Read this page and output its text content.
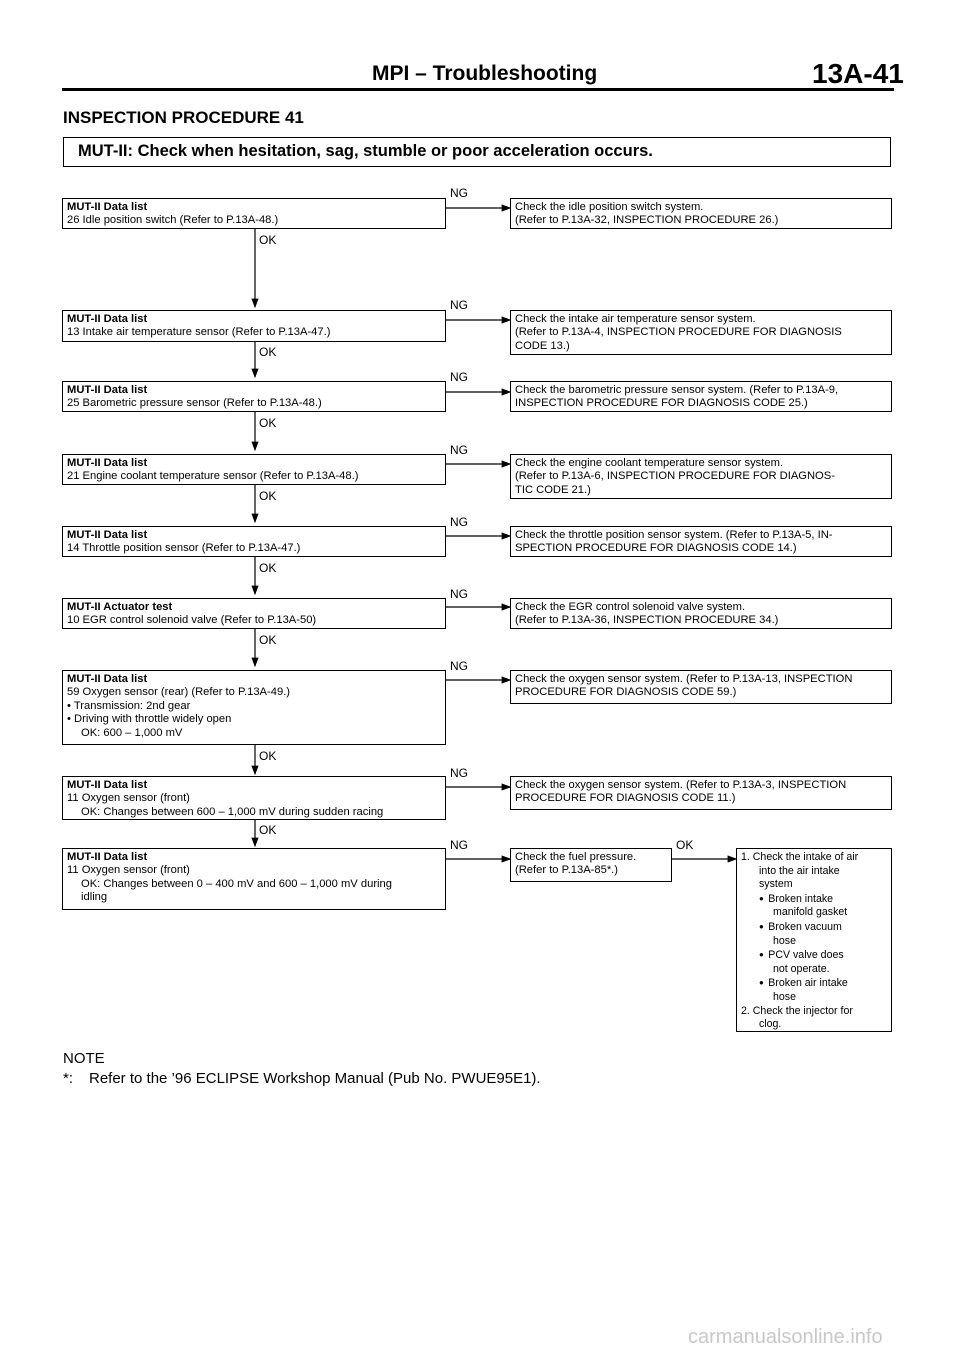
MPI – Troubleshooting	13A-41
INSPECTION PROCEDURE 41
MUT-II: Check when hesitation, sag, stumble or poor acceleration occurs.
NG
NG
NG
NG
NG
NG
NG
NG
NG	OK
OK
OK
OK
OK
OK
OK
OK
OK
MUT-II Data list
26 Idle position switch (Refer to P.13A-48.)
Check the idle position switch system.
(Refer to P.13A-32, INSPECTION PROCEDURE 26.)
MUT-II Data list
13 Intake air temperature sensor (Refer to P.13A-47.)
Check the intake air temperature sensor system.
(Refer to P.13A-4, INSPECTION PROCEDURE FOR DIAGNOSIS
CODE 13.)
MUT-II Data list
25 Barometric pressure sensor (Refer to P.13A-48.)
Check the barometric pressure sensor system. (Refer to P.13A-9,
INSPECTION PROCEDURE FOR DIAGNOSIS CODE 25.)
MUT-II Data list
21 Engine coolant temperature sensor (Refer to P.13A-48.)
Check the engine coolant temperature sensor system.
(Refer to P.13A-6, INSPECTION PROCEDURE FOR DIAGNOS-
TIC CODE 21.)
MUT-II Data list
14 Throttle position sensor (Refer to P.13A-47.)
Check the throttle position sensor system. (Refer to P.13A-5, IN-
SPECTION PROCEDURE FOR DIAGNOSIS CODE 14.)
MUT-II Actuator test
10 EGR control solenoid valve (Refer to P.13A-50)
Check the EGR control solenoid valve system.
(Refer to P.13A-36, INSPECTION PROCEDURE 34.)
MUT-II Data list
59 Oxygen sensor (rear) (Refer to P.13A-49.)
• Transmission: 2nd gear
• Driving with throttle widely open
OK: 600 – 1,000 mV
Check the oxygen sensor system. (Refer to P.13A-13, INSPECTION
PROCEDURE FOR DIAGNOSIS CODE 59.)
MUT-II Data list
11 Oxygen sensor (front)
OK: Changes between 600 – 1,000 mV during sudden racing
Check the oxygen sensor system. (Refer to P.13A-3, INSPECTION
PROCEDURE FOR DIAGNOSIS CODE 11.)
MUT-II Data list
11 Oxygen sensor (front)
OK: Changes between 0 – 400 mV and 600 – 1,000 mV during
idling
Check the fuel pressure.
(Refer to P.13A-85*.)
1. Check the intake of air
into the air intake
system
●  Broken intake
manifold gasket
●  Broken vacuum
hose
●  PCV valve does
not operate.
●  Broken air intake
hose
2. Check the injector for
clog.
NOTE
*: Refer to the ’96 ECLIPSE Workshop Manual (Pub No. PWUE95E1).
carmanualsonline.info
